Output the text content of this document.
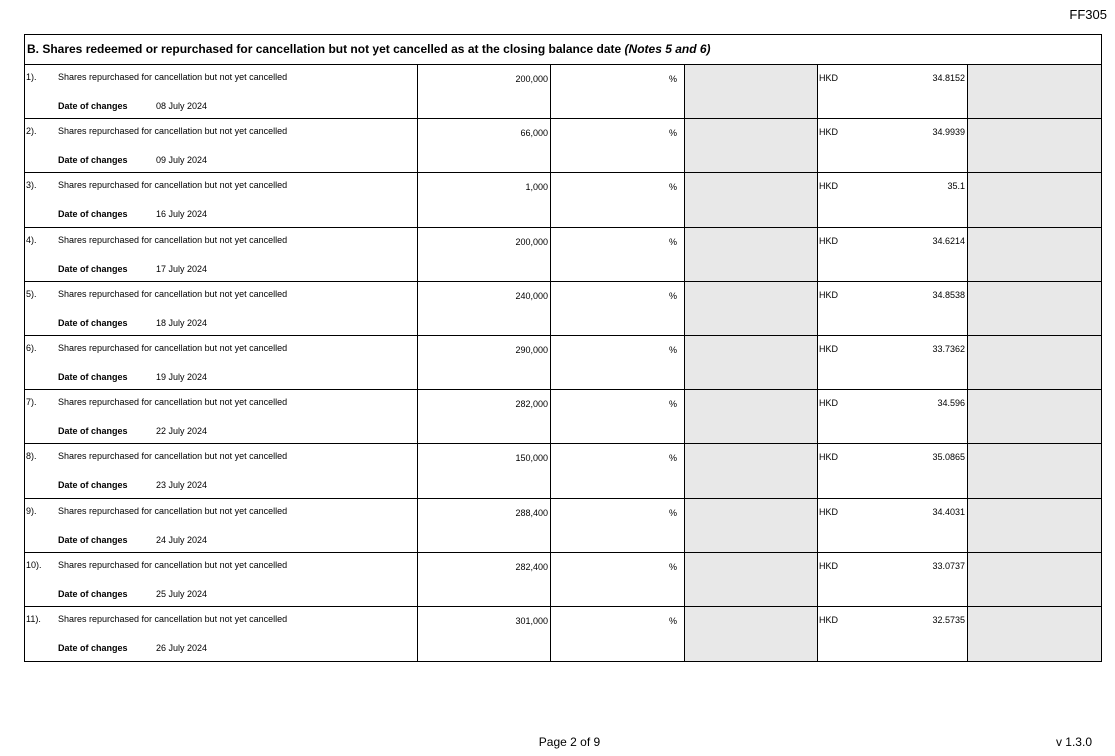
FF305
B. Shares redeemed or repurchased for cancellation but not yet cancelled as at the closing balance date (Notes 5 and 6)
1). Shares repurchased for cancellation but not yet cancelled
Date of changes	08 July 2024
200,000	%	HKD	34.8152
2). Shares repurchased for cancellation but not yet cancelled
Date of changes	09 July 2024
66,000	%	HKD	34.9939
3). Shares repurchased for cancellation but not yet cancelled
Date of changes	16 July 2024
1,000	%	HKD	35.1
4). Shares repurchased for cancellation but not yet cancelled
Date of changes	17 July 2024
200,000	%	HKD	34.6214
5). Shares repurchased for cancellation but not yet cancelled
Date of changes	18 July 2024
240,000	%	HKD	34.8538
6). Shares repurchased for cancellation but not yet cancelled
Date of changes	19 July 2024
290,000	%	HKD	33.7362
7). Shares repurchased for cancellation but not yet cancelled
Date of changes	22 July 2024
282,000	%	HKD	34.596
8). Shares repurchased for cancellation but not yet cancelled
Date of changes	23 July 2024
150,000	%	HKD	35.0865
9). Shares repurchased for cancellation but not yet cancelled
Date of changes	24 July 2024
288,400	%	HKD	34.4031
10). Shares repurchased for cancellation but not yet cancelled
Date of changes	25 July 2024
282,400	%	HKD	33.0737
11). Shares repurchased for cancellation but not yet cancelled
Date of changes	26 July 2024
301,000	%	HKD	32.5735
Page 2 of 9	v 1.3.0
